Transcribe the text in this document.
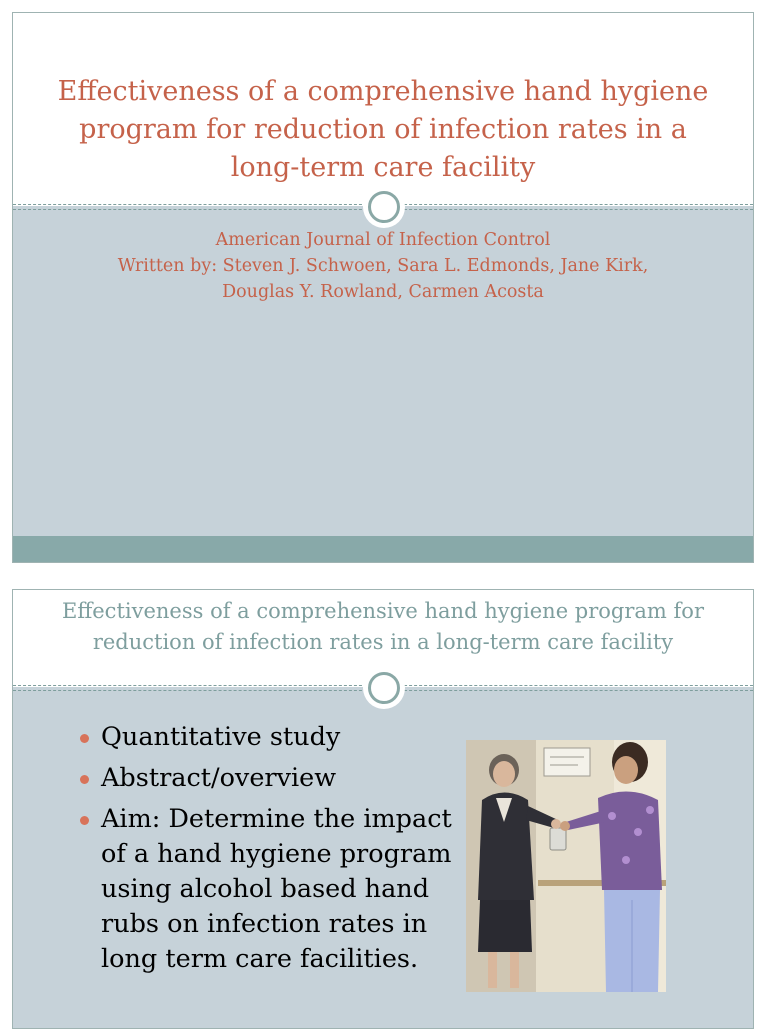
Effectiveness of a comprehensive hand hygiene program for reduction of infection rates in a long-term care facility
American Journal of Infection Control
Written by: Steven J. Schwoen, Sara L. Edmonds, Jane Kirk,
Douglas Y. Rowland, Carmen Acosta
Effectiveness of a comprehensive hand hygiene program for reduction of infection rates in a long-term care facility
Quantitative study
Abstract/overview
Aim: Determine the impact of a hand hygiene program using alcohol based hand rubs on infection rates in long term care facilities.
